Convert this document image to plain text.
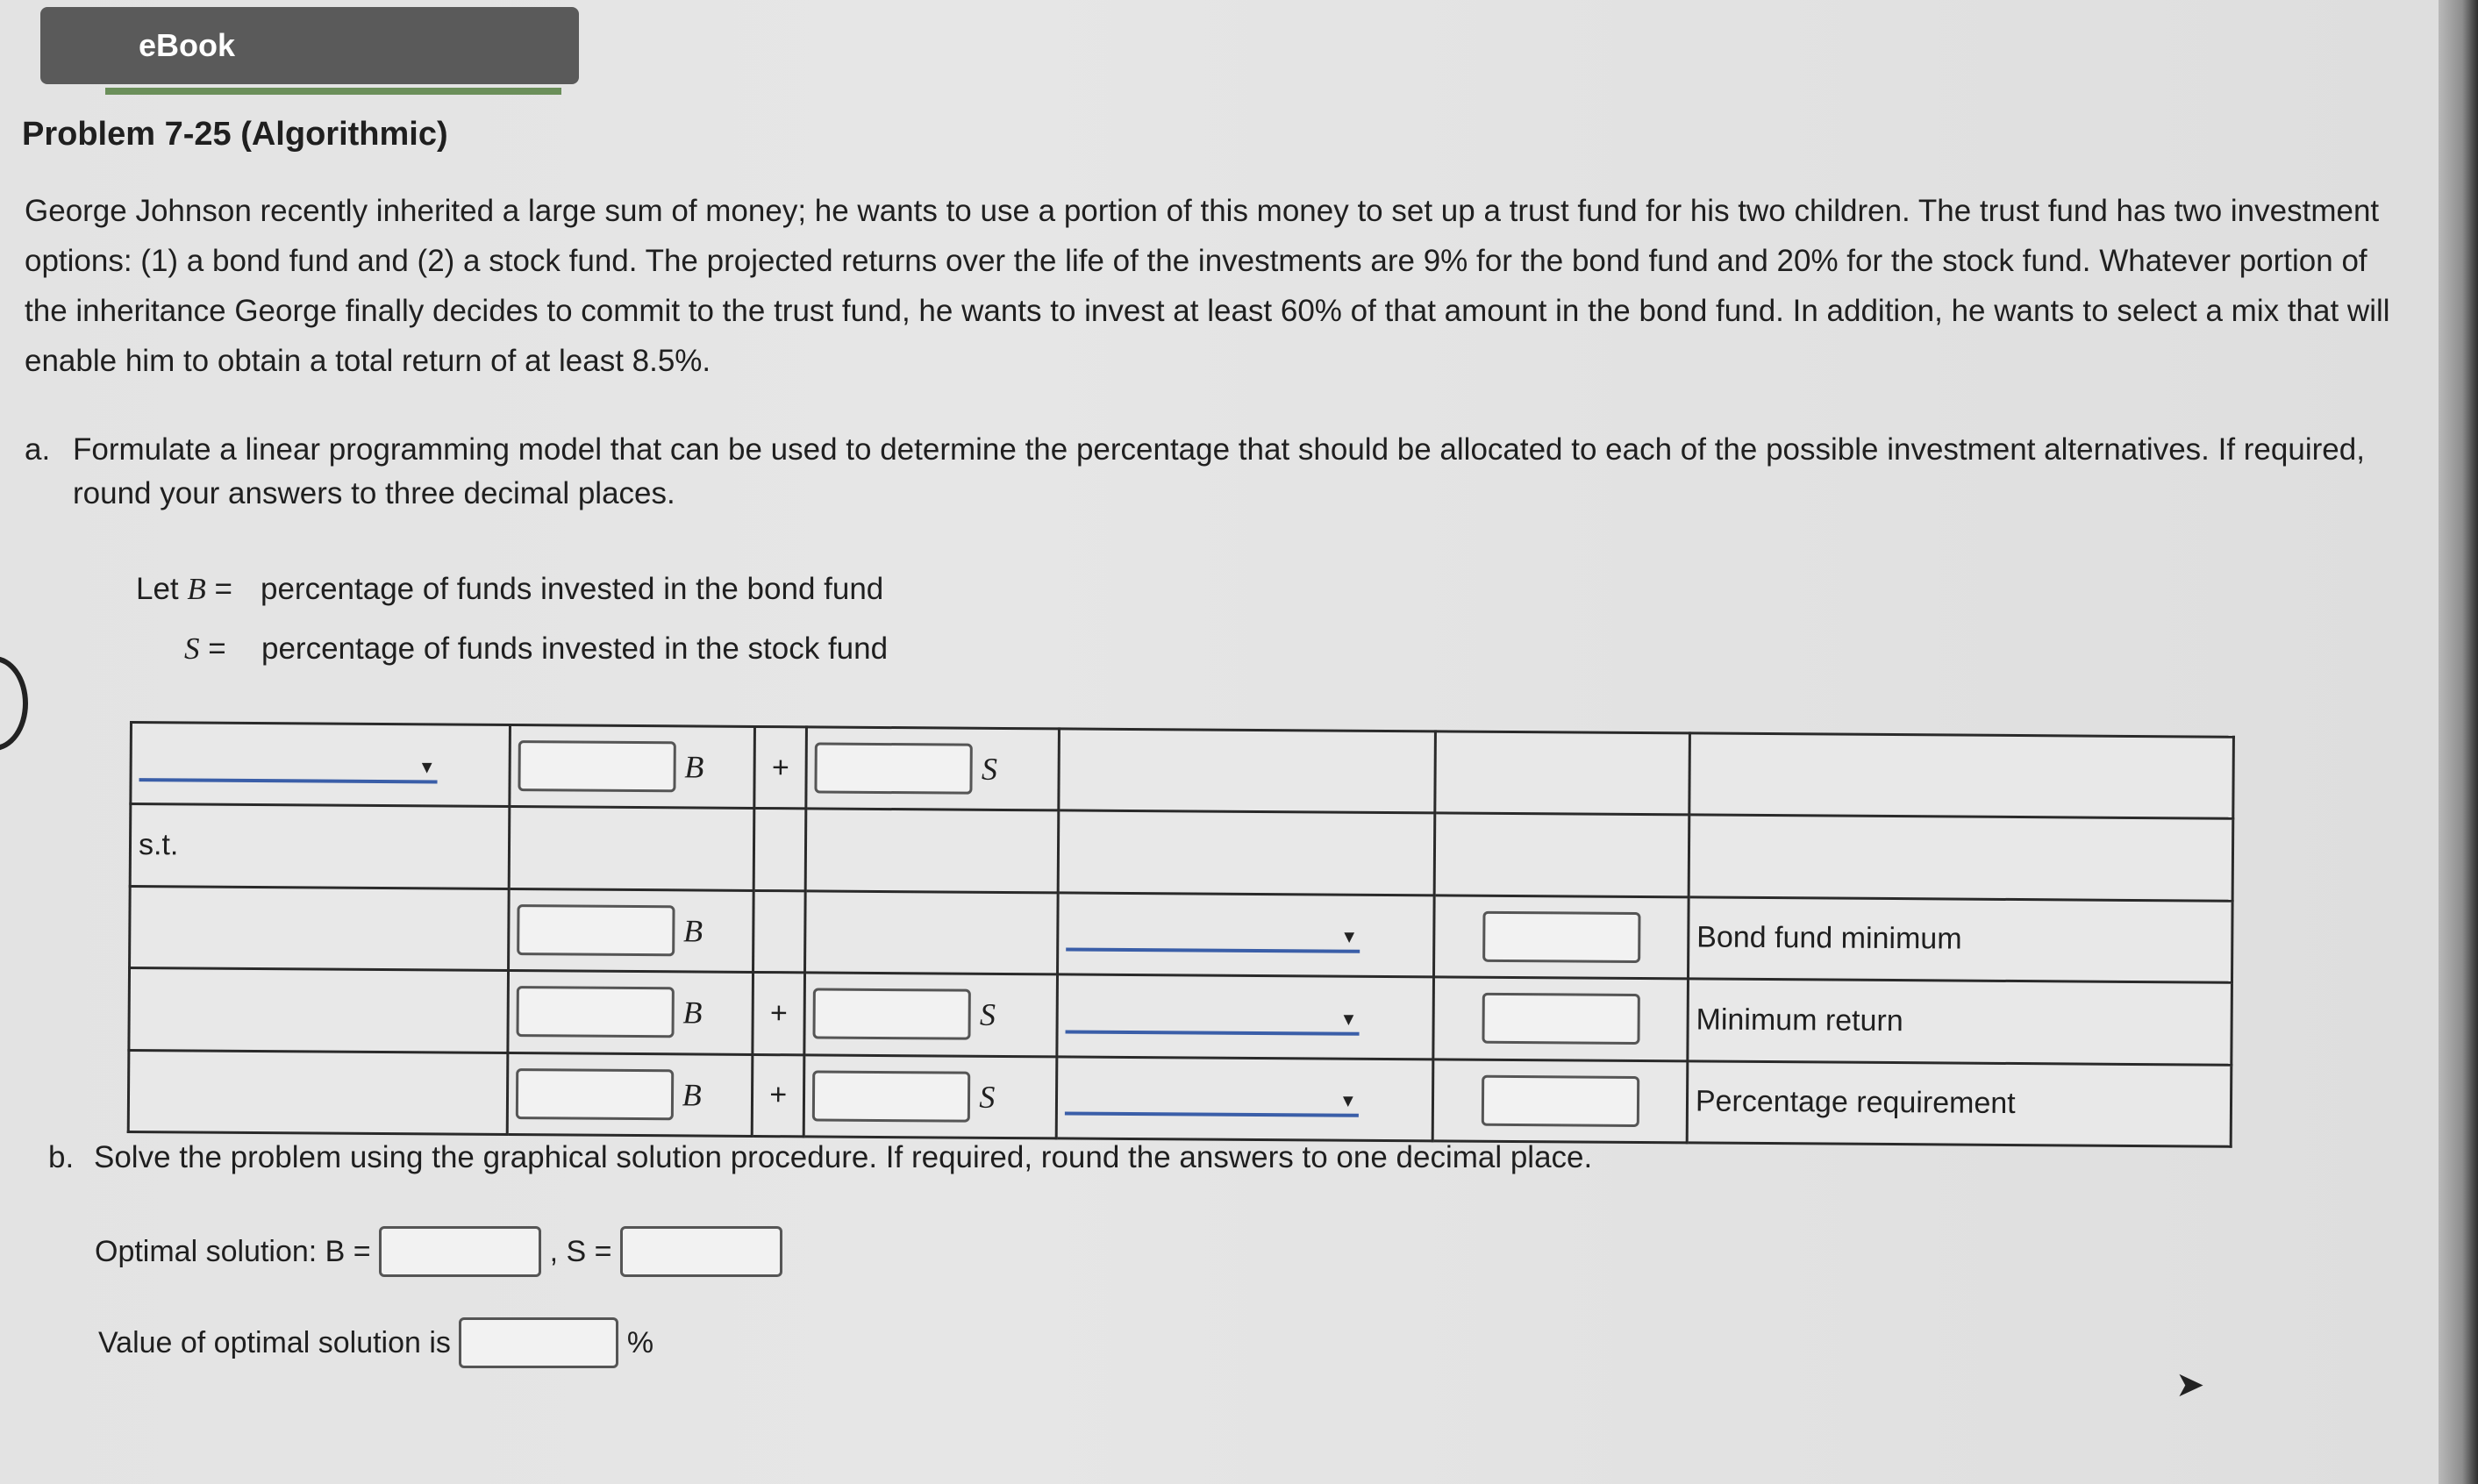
eBook
Problem 7-25 (Algorithmic)

George Johnson recently inherited a large sum of money; he wants to use a portion of this money to set up a trust fund for his two children. The trust fund has two investment options: (1) a bond fund and (2) a stock fund. The projected returns over the life of the investments are 9% for the bond fund and 20% for the stock fund. Whatever portion of the inheritance George finally decides to commit to the trust fund, he wants to invest at least 60% of that amount in the bond fund. In addition, he wants to select a mix that will enable him to obtain a total return of at least 8.5%.

a. Formulate a linear programming model that can be used to determine the percentage that should be allocated to each of the possible investment alternatives. If required, round your answers to three decimal places.
Let B = percentage of funds invested in the bond fund
S = percentage of funds invested in the stock fund
▼	B	+	S			
s.t.						
	B			▼		Bond fund minimum
	B	+	S	▼		Minimum return
	B	+	S	▼		Percentage requirement
b. Solve the problem using the graphical solution procedure. If required, round the answers to one decimal place.
Optimal solution: B =	, S =
Value of optimal solution is	%
➤
